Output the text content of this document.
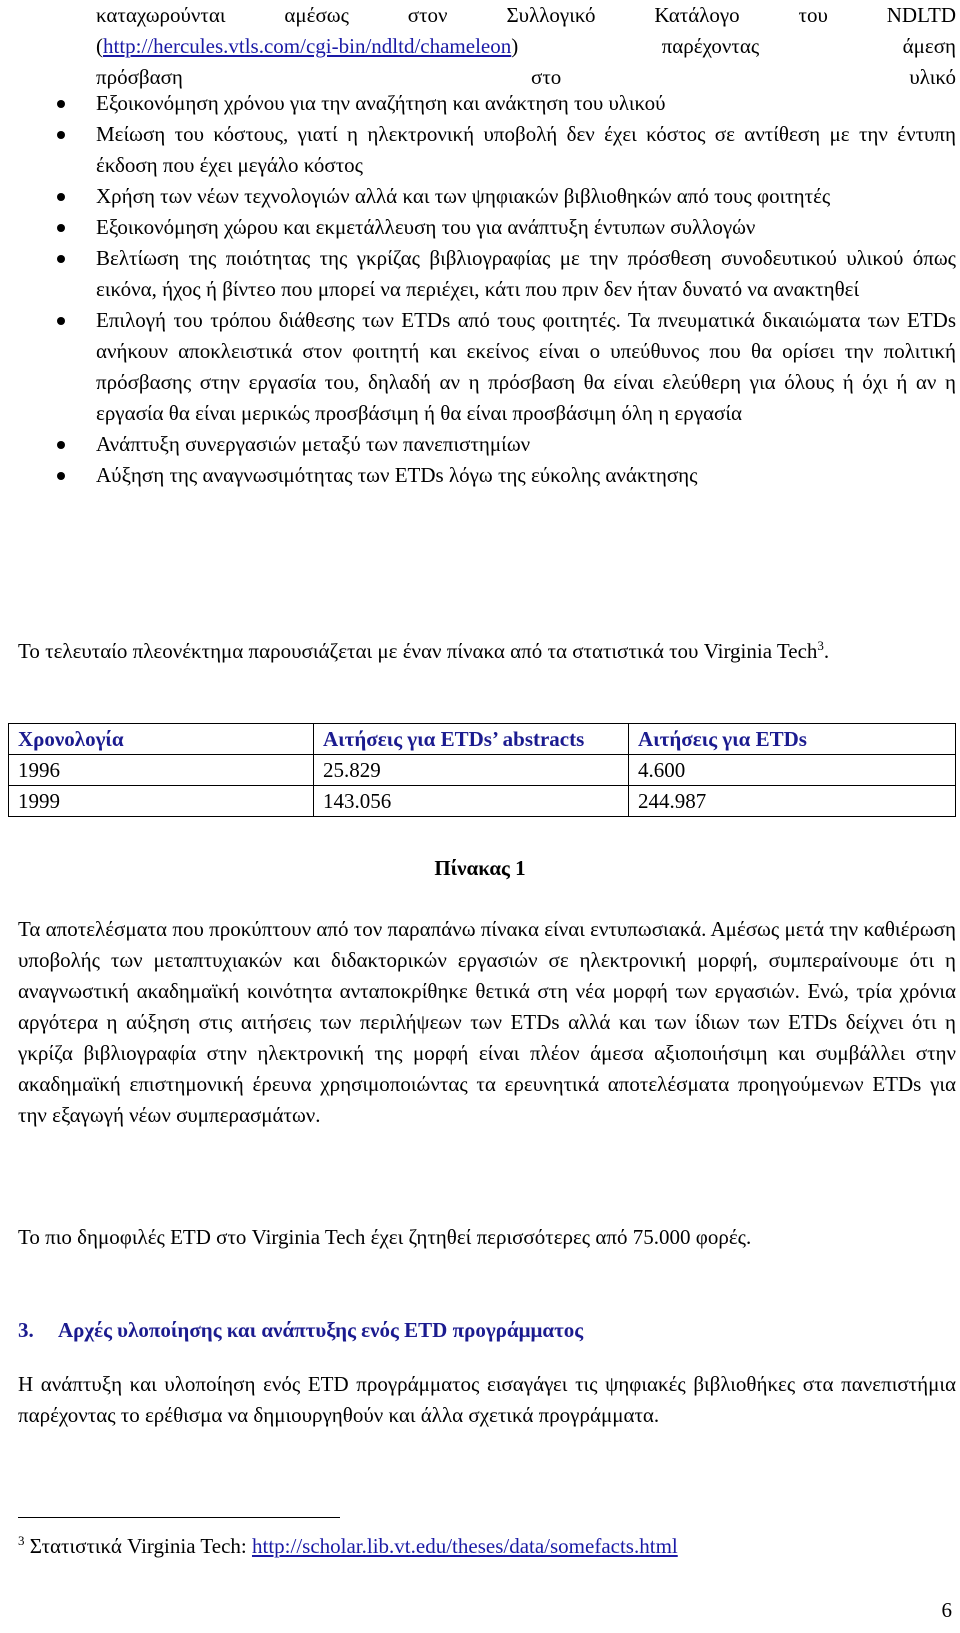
καταχωρούνται αμέσως στον Συλλογικό Κατάλογο του NDLTD
(http://hercules.vtls.com/cgi-bin/ndltd/chameleon) παρέχοντας άμεση
πρόσβαση στο υλικό
Εξοικονόμηση χρόνου για την αναζήτηση και ανάκτηση του υλικού
Μείωση του κόστους, γιατί η ηλεκτρονική υποβολή δεν έχει κόστος σε αντίθεση με την έντυπη έκδοση που έχει μεγάλο κόστος
Χρήση των νέων τεχνολογιών αλλά και των ψηφιακών βιβλιοθηκών από τους φοιτητές
Εξοικονόμηση χώρου και εκμετάλλευση του για ανάπτυξη έντυπων συλλογών
Βελτίωση της ποιότητας της γκρίζας βιβλιογραφίας με την πρόσθεση συνοδευτικού υλικού όπως εικόνα, ήχος ή βίντεο που μπορεί να περιέχει, κάτι που πριν δεν ήταν δυνατό να ανακτηθεί
Επιλογή του τρόπου διάθεσης των ETDs από τους φοιτητές. Τα πνευματικά δικαιώματα των ETDs ανήκουν αποκλειστικά στον φοιτητή και εκείνος είναι ο υπεύθυνος που θα ορίσει την πολιτική πρόσβασης στην εργασία του, δηλαδή αν η πρόσβαση θα είναι ελεύθερη για όλους ή όχι ή αν η εργασία θα είναι μερικώς προσβάσιμη ή θα είναι προσβάσιμη όλη η εργασία
Ανάπτυξη συνεργασιών μεταξύ των πανεπιστημίων
Αύξηση της αναγνωσιμότητας των ETDs λόγω της εύκολης ανάκτησης
Το τελευταίο πλεονέκτημα παρουσιάζεται με έναν πίνακα από τα στατιστικά του Virginia Tech$^3$.
Χρονολογία	Αιτήσεις για ETDs’ abstracts	Αιτήσεις για ETDs
1996	25.829	4.600
1999	143.056	244.987
Πίνακας 1
Τα αποτελέσματα που προκύπτουν από τον παραπάνω πίνακα είναι εντυπωσιακά. Αμέσως μετά την καθιέρωση υποβολής των μεταπτυχιακών και διδακτορικών εργασιών σε ηλεκτρονική μορφή, συμπεραίνουμε ότι η αναγνωστική ακαδημαϊκή κοινότητα ανταποκρίθηκε θετικά στη νέα μορφή των εργασιών. Ενώ, τρία χρόνια αργότερα η αύξηση στις αιτήσεις των περιλήψεων των ETDs αλλά και των ίδιων των ETDs δείχνει ότι η γκρίζα βιβλιογραφία στην ηλεκτρονική της μορφή είναι πλέον άμεσα αξιοποιήσιμη και συμβάλλει στην ακαδημαϊκή επιστημονική έρευνα χρησιμοποιώντας τα ερευνητικά αποτελέσματα προηγούμενων ETDs για την εξαγωγή νέων συμπερασμάτων.
Το πιο δημοφιλές ETD στο Virginia Tech έχει ζητηθεί περισσότερες από 75.000 φορές.
3. Αρχές υλοποίησης και ανάπτυξης ενός ETD προγράμματος
Η ανάπτυξη και υλοποίηση ενός ETD προγράμματος εισαγάγει τις ψηφιακές βιβλιοθήκες στα πανεπιστήμια παρέχοντας το ερέθισμα να δημιουργηθούν και άλλα σχετικά προγράμματα.
$^3$ Στατιστικά Virginia Tech: http://scholar.lib.vt.edu/theses/data/somefacts.html
6
